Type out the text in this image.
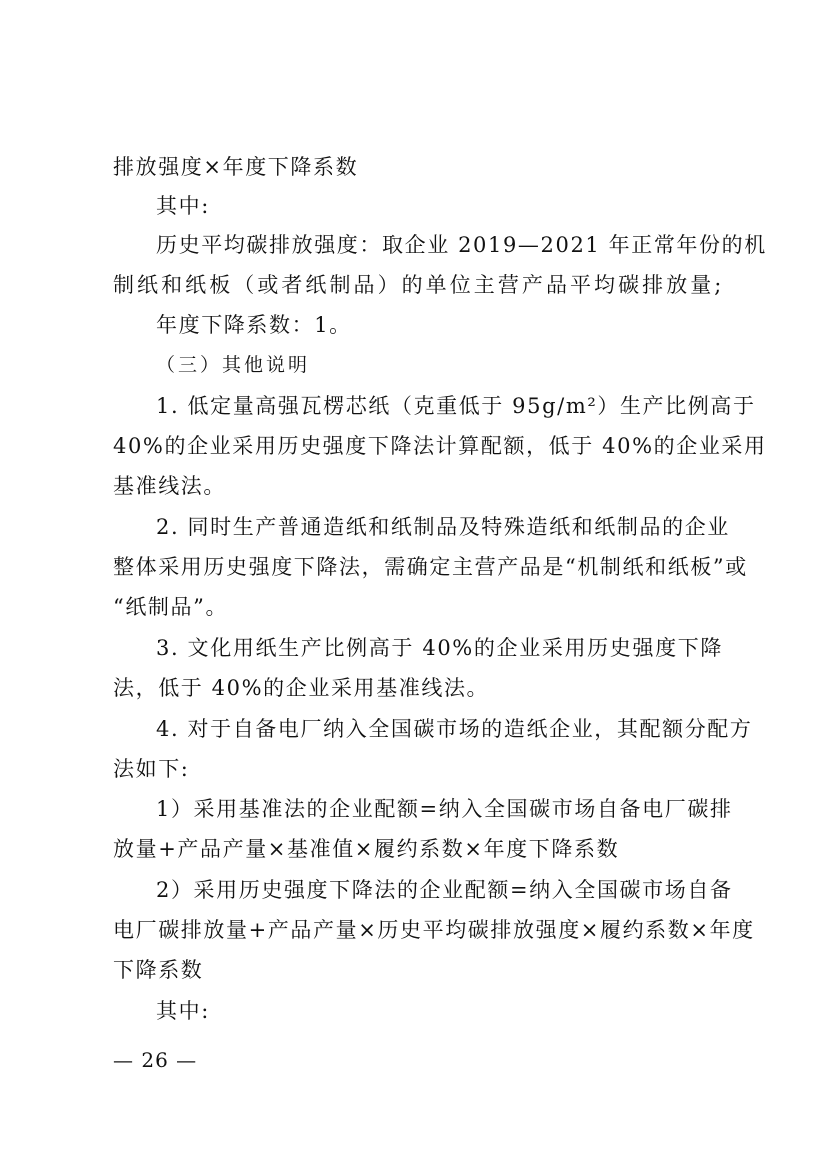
排放强度×年度下降系数
其中:
历史平均碳排放强度：取企业 2019—2021 年正常年份的机
制纸和纸板（或者纸制品）的单位主营产品平均碳排放量;
年度下降系数：1。
（三）其他说明
1. 低定量高强瓦楞芯纸（克重低于 95g/m²）生产比例高于
40%的企业采用历史强度下降法计算配额，低于 40%的企业采用
基准线法。
2. 同时生产普通造纸和纸制品及特殊造纸和纸制品的企业
整体采用历史强度下降法，需确定主营产品是“机制纸和纸板”或
“纸制品”。
3. 文化用纸生产比例高于 40%的企业采用历史强度下降
法，低于 40%的企业采用基准线法。
4. 对于自备电厂纳入全国碳市场的造纸企业，其配额分配方
法如下:
1）采用基准法的企业配额=纳入全国碳市场自备电厂碳排
放量+产品产量×基准值×履约系数×年度下降系数
2）采用历史强度下降法的企业配额=纳入全国碳市场自备
电厂碳排放量+产品产量×历史平均碳排放强度×履约系数×年度
下降系数
其中:
— 26 —
